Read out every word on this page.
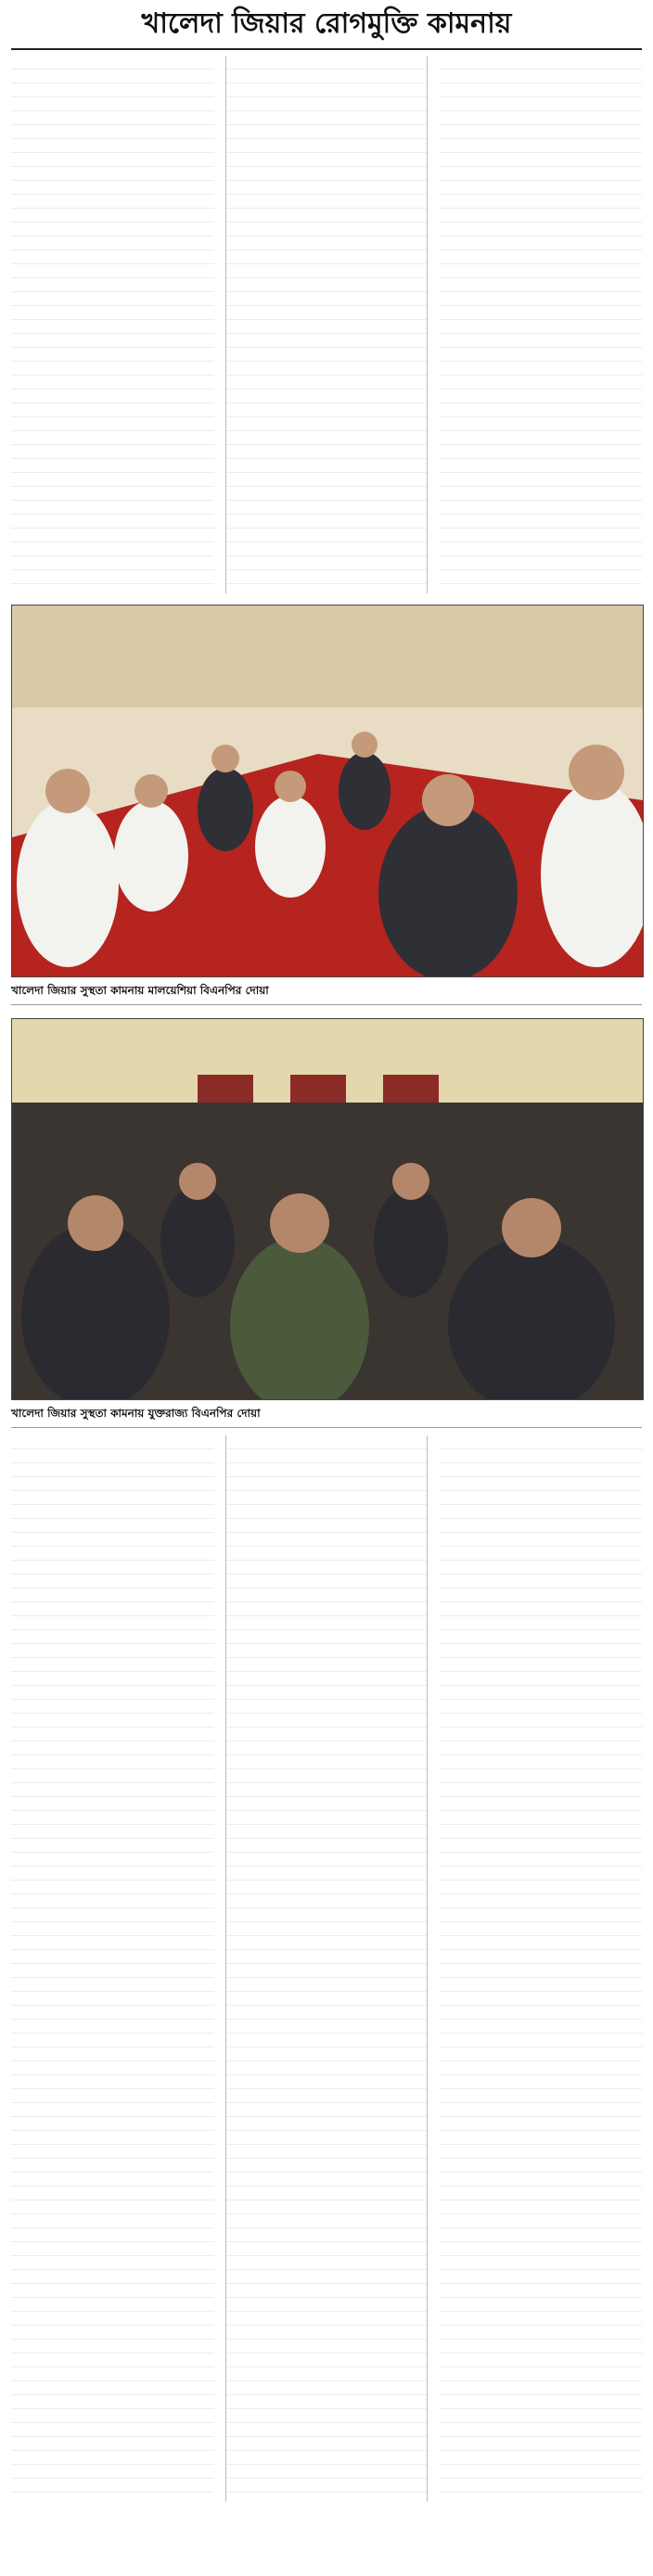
খালেদা জিয়ার রোগমুক্তি কামনায়
খালেদা জিয়ার সুস্থতা কামনায় মালয়েশিয়া বিএনপির দোয়া
খালেদা জিয়ার সুস্থতা কামনায় যুক্তরাজ্য বিএনপির দোয়া
